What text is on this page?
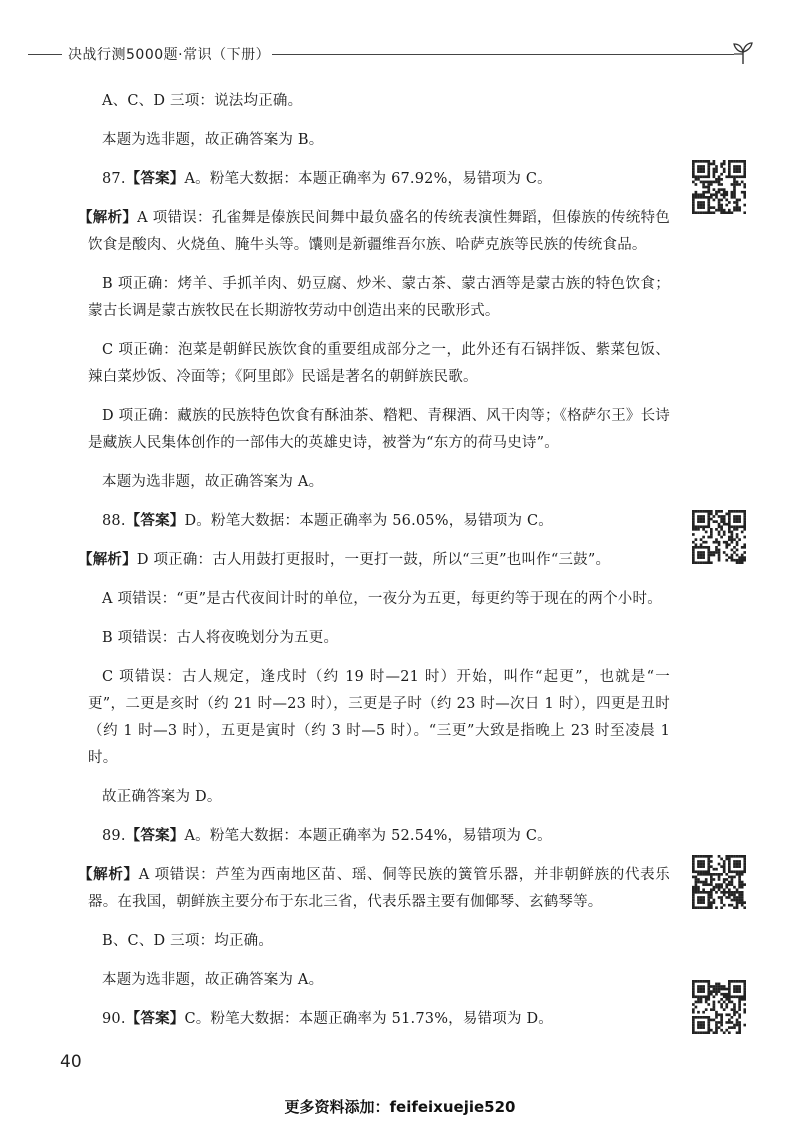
决战行测5000题·常识（下册）

A、C、D 三项：说法均正确。

本题为选非题，故正确答案为 B。

87.【答案】A。粉笔大数据：本题正确率为 67.92%，易错项为 C。

【解析】A 项错误：孔雀舞是傣族民间舞中最负盛名的传统表演性舞蹈，但傣族的传统特色饮食是酸肉、火烧鱼、腌牛头等。馕则是新疆维吾尔族、哈萨克族等民族的传统食品。

B 项正确：烤羊、手抓羊肉、奶豆腐、炒米、蒙古茶、蒙古酒等是蒙古族的特色饮食；蒙古长调是蒙古族牧民在长期游牧劳动中创造出来的民歌形式。

C 项正确：泡菜是朝鲜民族饮食的重要组成部分之一，此外还有石锅拌饭、紫菜包饭、辣白菜炒饭、冷面等；《阿里郎》民谣是著名的朝鲜族民歌。

D 项正确：藏族的民族特色饮食有酥油茶、糌粑、青稞酒、风干肉等；《格萨尔王》长诗是藏族人民集体创作的一部伟大的英雄史诗，被誉为“东方的荷马史诗”。

本题为选非题，故正确答案为 A。

88.【答案】D。粉笔大数据：本题正确率为 56.05%，易错项为 C。

【解析】D 项正确：古人用鼓打更报时，一更打一鼓，所以“三更”也叫作“三鼓”。

A 项错误：“更”是古代夜间计时的单位，一夜分为五更，每更约等于现在的两个小时。

B 项错误：古人将夜晚划分为五更。

C 项错误：古人规定，逢戌时（约 19 时—21 时）开始，叫作“起更”，也就是“一更”，二更是亥时（约 21 时—23 时），三更是子时（约 23 时—次日 1 时），四更是丑时（约 1 时—3 时），五更是寅时（约 3 时—5 时）。“三更”大致是指晚上 23 时至凌晨 1 时。

故正确答案为 D。

89.【答案】A。粉笔大数据：本题正确率为 52.54%，易错项为 C。

【解析】A 项错误：芦笙为西南地区苗、瑶、侗等民族的簧管乐器，并非朝鲜族的代表乐器。在我国，朝鲜族主要分布于东北三省，代表乐器主要有伽倻琴、玄鹤琴等。

B、C、D 三项：均正确。

本题为选非题，故正确答案为 A。

90.【答案】C。粉笔大数据：本题正确率为 51.73%，易错项为 D。

40
更多资料添加：feifeixuejie520
